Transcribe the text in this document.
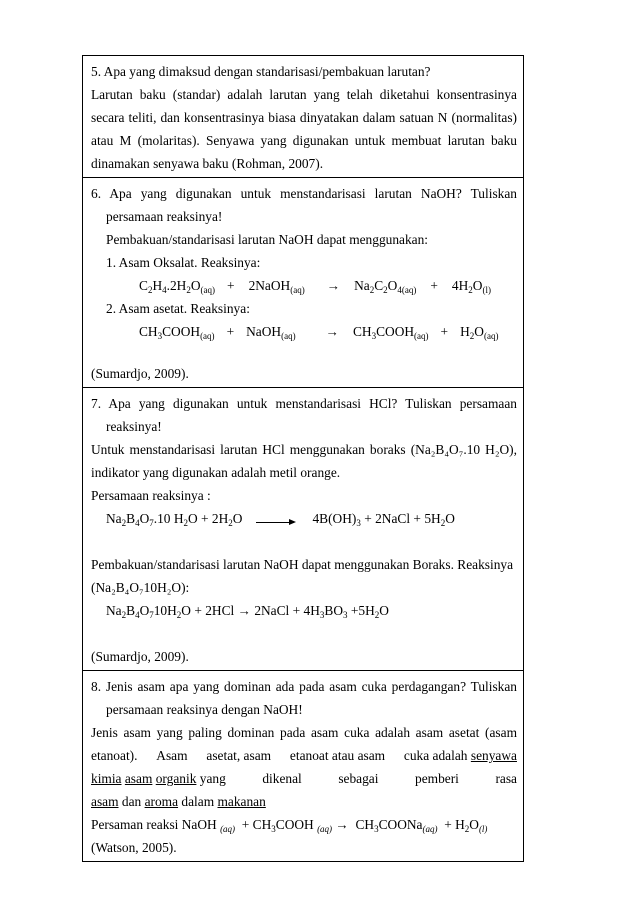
5. Apa yang dimaksud dengan standarisasi/pembakuan larutan?
Larutan baku (standar) adalah larutan yang telah diketahui konsentrasinya secara teliti, dan konsentrasinya biasa dinyatakan dalam satuan N (normalitas) atau M (molaritas). Senyawa yang digunakan untuk membuat larutan baku dinamakan senyawa baku (Rohman, 2007).
6. Apa yang digunakan untuk menstandarisasi larutan NaOH? Tuliskan persamaan reaksinya!
Pembakuan/standarisasi larutan NaOH dapat menggunakan:
1. Asam Oksalat. Reaksinya:
$C_2H_4.2H_2O_{(aq)}$ + 2NaOH$_{(aq)}$ → $Na_2C_2O_{4(aq)} + 4H_2O_{(l)}$
2. Asam asetat. Reaksinya:
$CH_3COOH_{(aq)}$ + NaOH$_{(aq)}$ → $CH_3COOH_{(aq)} + H_2O_{(aq)}$
(Sumardjo, 2009).
7. Apa yang digunakan untuk menstandarisasi HCl? Tuliskan persamaan reaksinya!
Untuk menstandarisasi larutan HCl menggunakan boraks (Na₂B₄O₇.10 H₂O), indikator yang digunakan adalah metil orange.
Persamaan reaksinya :
$Na_2B_4O_7.10$ $H_2O + 2H_2O$	$4B(OH)_3$ + 2NaCl + $5H_2O$
Pembakuan/standarisasi larutan NaOH dapat menggunakan Boraks. Reaksinya
(Na₂B₄O₇10H₂O):
$Na_2B_4O_710H_2O + 2HCl$ → 2NaCl + $4H_3BO_3 +5H_2O$
(Sumardjo, 2009).
8. Jenis asam apa yang dominan ada pada asam cuka perdagangan? Tuliskan persamaan reaksinya dengan NaOH!
Jenis asam yang paling dominan pada asam cuka adalah asam asetat (asam
etanoat). Asam asetat, asam etanoat atau asam cuka adalah senyawa
kimia asam organik yang	dikenal	sebagai	pemberi	rasa
asam dan aroma dalam makanan
Persaman reaksi
NaOH $_{(aq)} + CH_3COOH$ $_{(aq)} \to CH_3COONa_{(aq)} + H_2O_{(l)}$
(Watson, 2005).
